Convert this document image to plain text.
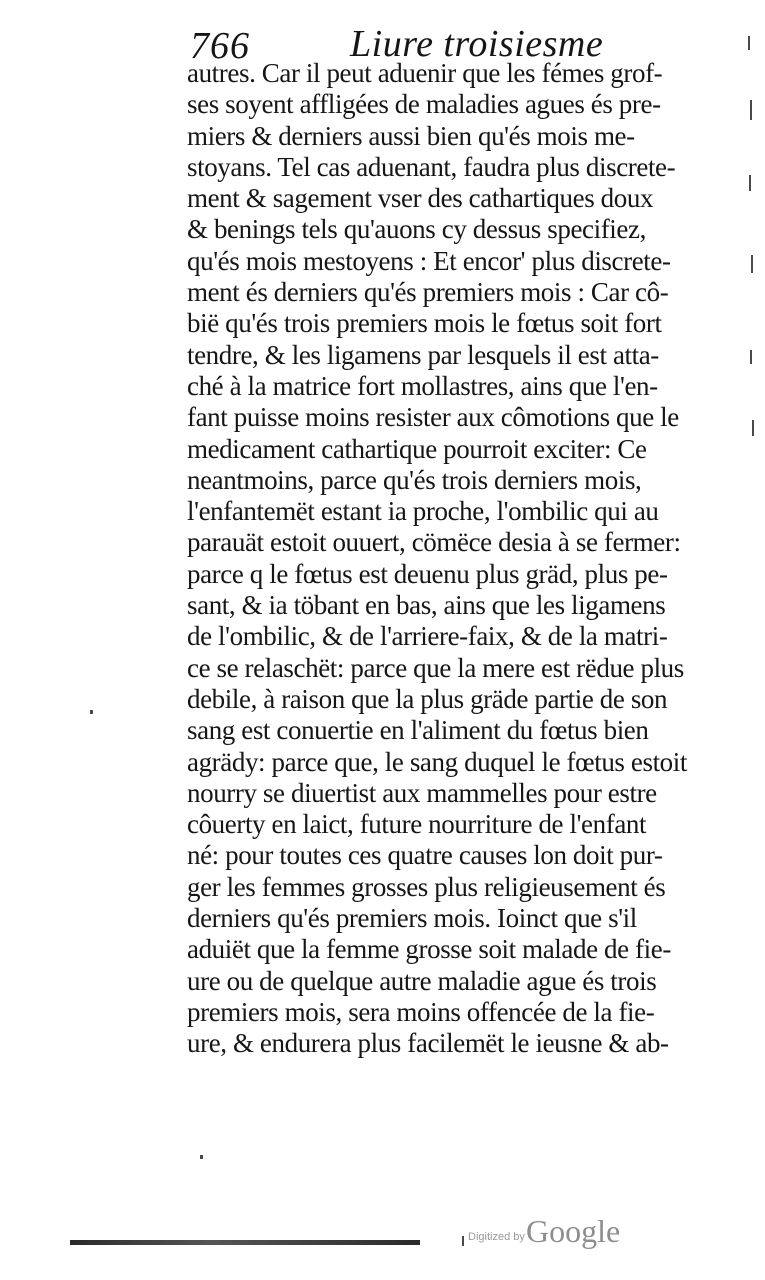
766	Liure troisiesme
autres. Car il peut aduenir que les fémes grof-
ses soyent affligées de maladies agues és pre-
miers & derniers aussi bien qu'és mois me-
stoyans. Tel cas aduenant, faudra plus discrete-
ment & sagement vser des cathartiques doux
& benings tels qu'auons cy dessus specifiez,
qu'és mois mestoyens : Et encor' plus discrete-
ment és derniers qu'és premiers mois : Car cô-
bië qu'és trois premiers mois le fœtus soit fort
tendre, & les ligamens par lesquels il est atta-
ché à la matrice fort mollastres, ains que l'en-
fant puisse moins resister aux cômotions que le
medicament cathartique pourroit exciter: Ce
neantmoins, parce qu'és trois derniers mois,
l'enfantemët estant ia proche, l'ombilic qui au
parauät estoit ouuert, cömëce desia à se fermer:
parce q le fœtus est deuenu plus gräd, plus pe-
sant, & ia töbant en bas, ains que les ligamens
de l'ombilic, & de l'arriere-faix, & de la matri-
ce se relaschët: parce que la mere est rëdue plus
debile, à raison que la plus gräde partie de son
sang est conuertie en l'aliment du fœtus bien
agrädy: parce que, le sang duquel le fœtus estoit
nourry se diuertist aux mammelles pour estre
côuerty en laict, future nourriture de l'enfant
né: pour toutes ces quatre causes lon doit pur-
ger les femmes grosses plus religieusement és
derniers qu'és premiers mois. Ioinct que s'il
aduiët que la femme grosse soit malade de fie-
ure ou de quelque autre maladie ague és trois
premiers mois, sera moins offencée de la fie-
ure, & endurera plus facilemët le ieusne & ab-
Digitized by Google
